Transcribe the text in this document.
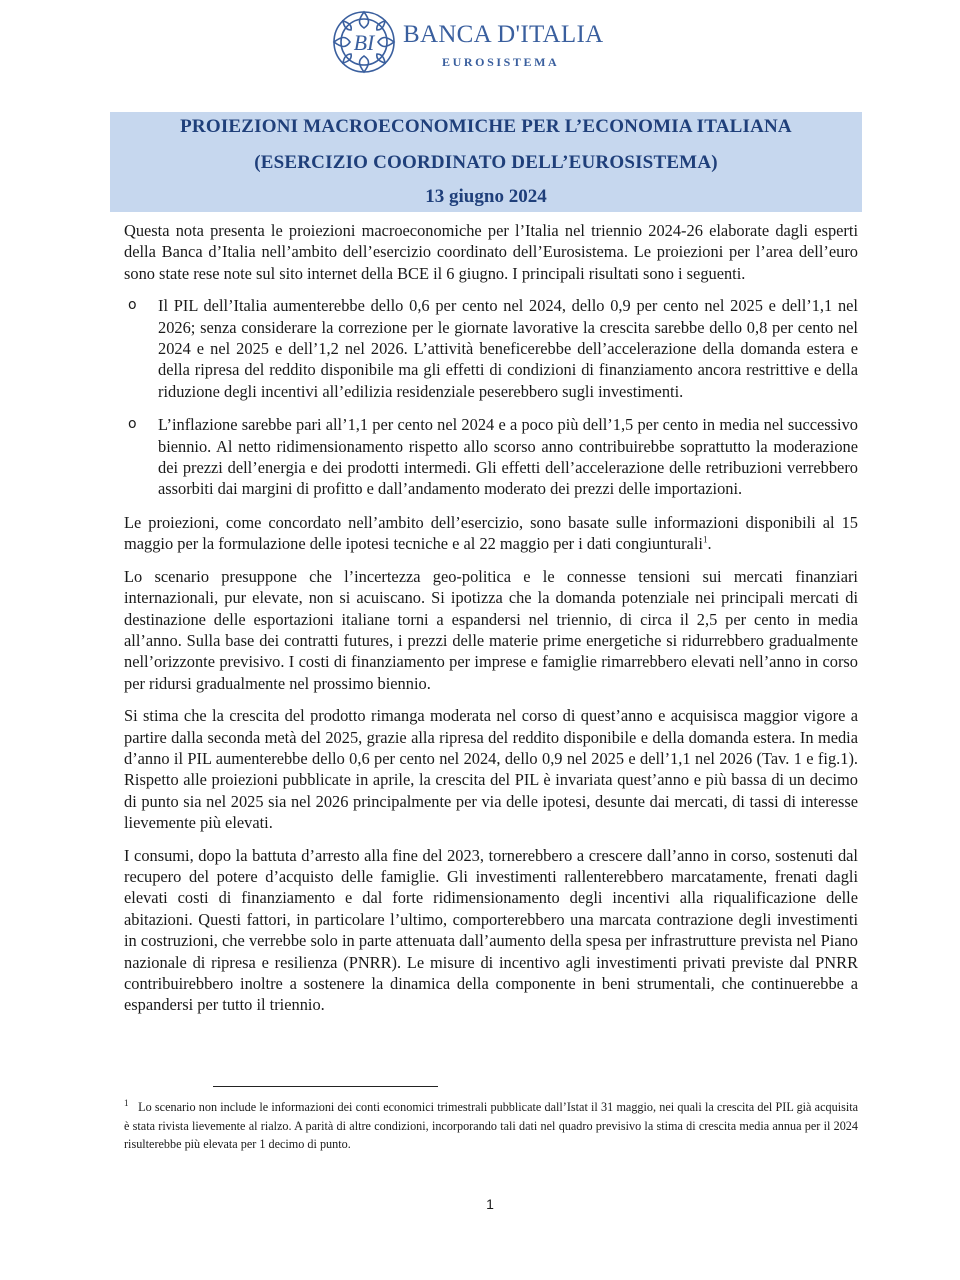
BI BANCA D'ITALIA
EUROSISTEMA
PROIEZIONI MACROECONOMICHE PER L’ECONOMIA ITALIANA
(ESERCIZIO COORDINATO DELL’EUROSISTEMA)
13 giugno 2024

Questa nota presenta le proiezioni macroeconomiche per l’Italia nel triennio 2024-26 elaborate dagli esperti della Banca d’Italia nell’ambito dell’esercizio coordinato dell’Eurosistema. Le proiezioni per l’area dell’euro sono state rese note sul sito internet della BCE il 6 giugno. I principali risultati sono i seguenti.

o Il PIL dell’Italia aumenterebbe dello 0,6 per cento nel 2024, dello 0,9 per cento nel 2025 e dell’1,1 nel 2026; senza considerare la correzione per le giornate lavorative la crescita sarebbe dello 0,8 per cento nel 2024 e nel 2025 e dell’1,2 nel 2026. L’attività beneficerebbe dell’accelerazione della domanda estera e della ripresa del reddito disponibile ma gli effetti di condizioni di finanziamento ancora restrittive e della riduzione degli incentivi all’edilizia residenziale peserebbero sugli investimenti.
o L’inflazione sarebbe pari all’1,1 per cento nel 2024 e a poco più dell’1,5 per cento in media nel successivo biennio. Al netto ridimensionamento rispetto allo scorso anno contribuirebbe soprattutto la moderazione dei prezzi dell’energia e dei prodotti intermedi. Gli effetti dell’accelerazione delle retribuzioni verrebbero assorbiti dai margini di profitto e dall’andamento moderato dei prezzi delle importazioni.

Le proiezioni, come concordato nell’ambito dell’esercizio, sono basate sulle informazioni disponibili al 15 maggio per la formulazione delle ipotesi tecniche e al 22 maggio per i dati congiunturali$^1$.

Lo scenario presuppone che l’incertezza geo-politica e le connesse tensioni sui mercati finanziari internazionali, pur elevate, non si acuiscano. Si ipotizza che la domanda potenziale nei principali mercati di destinazione delle esportazioni italiane torni a espandersi nel triennio, di circa il 2,5 per cento in media all’anno. Sulla base dei contratti futures, i prezzi delle materie prime energetiche si ridurrebbero gradualmente nell’orizzonte previsivo. I costi di finanziamento per imprese e famiglie rimarrebbero elevati nell’anno in corso per ridursi gradualmente nel prossimo biennio.

Si stima che la crescita del prodotto rimanga moderata nel corso di quest’anno e acquisisca maggior vigore a partire dalla seconda metà del 2025, grazie alla ripresa del reddito disponibile e della domanda estera. In media d’anno il PIL aumenterebbe dello 0,6 per cento nel 2024, dello 0,9 nel 2025 e dell’1,1 nel 2026 (Tav. 1 e fig.1). Rispetto alle proiezioni pubblicate in aprile, la crescita del PIL è invariata quest’anno e più bassa di un decimo di punto sia nel 2025 sia nel 2026 principalmente per via delle ipotesi, desunte dai mercati, di tassi di interesse lievemente più elevati.

I consumi, dopo la battuta d’arresto alla fine del 2023, tornerebbero a crescere dall’anno in corso, sostenuti dal recupero del potere d’acquisto delle famiglie. Gli investimenti rallenterebbero marcatamente, frenati dagli elevati costi di finanziamento e dal forte ridimensionamento degli incentivi alla riqualificazione delle abitazioni. Questi fattori, in particolare l’ultimo, comporterebbero una marcata contrazione degli investimenti in costruzioni, che verrebbe solo in parte attenuata dall’aumento della spesa per infrastrutture prevista nel Piano nazionale di ripresa e resilienza (PNRR). Le misure di incentivo agli investimenti privati previste dal PNRR contribuirebbero inoltre a sostenere la dinamica della componente in beni strumentali, che continuerebbe a espandersi per tutto il triennio.

$^1$ Lo scenario non include le informazioni dei conti economici trimestrali pubblicate dall’Istat il 31 maggio, nei quali la crescita del PIL già acquisita è stata rivista lievemente al rialzo. A parità di altre condizioni, incorporando tali dati nel quadro previsivo la stima di crescita media annua per il 2024 risulterebbe più elevata per 1 decimo di punto.
1
